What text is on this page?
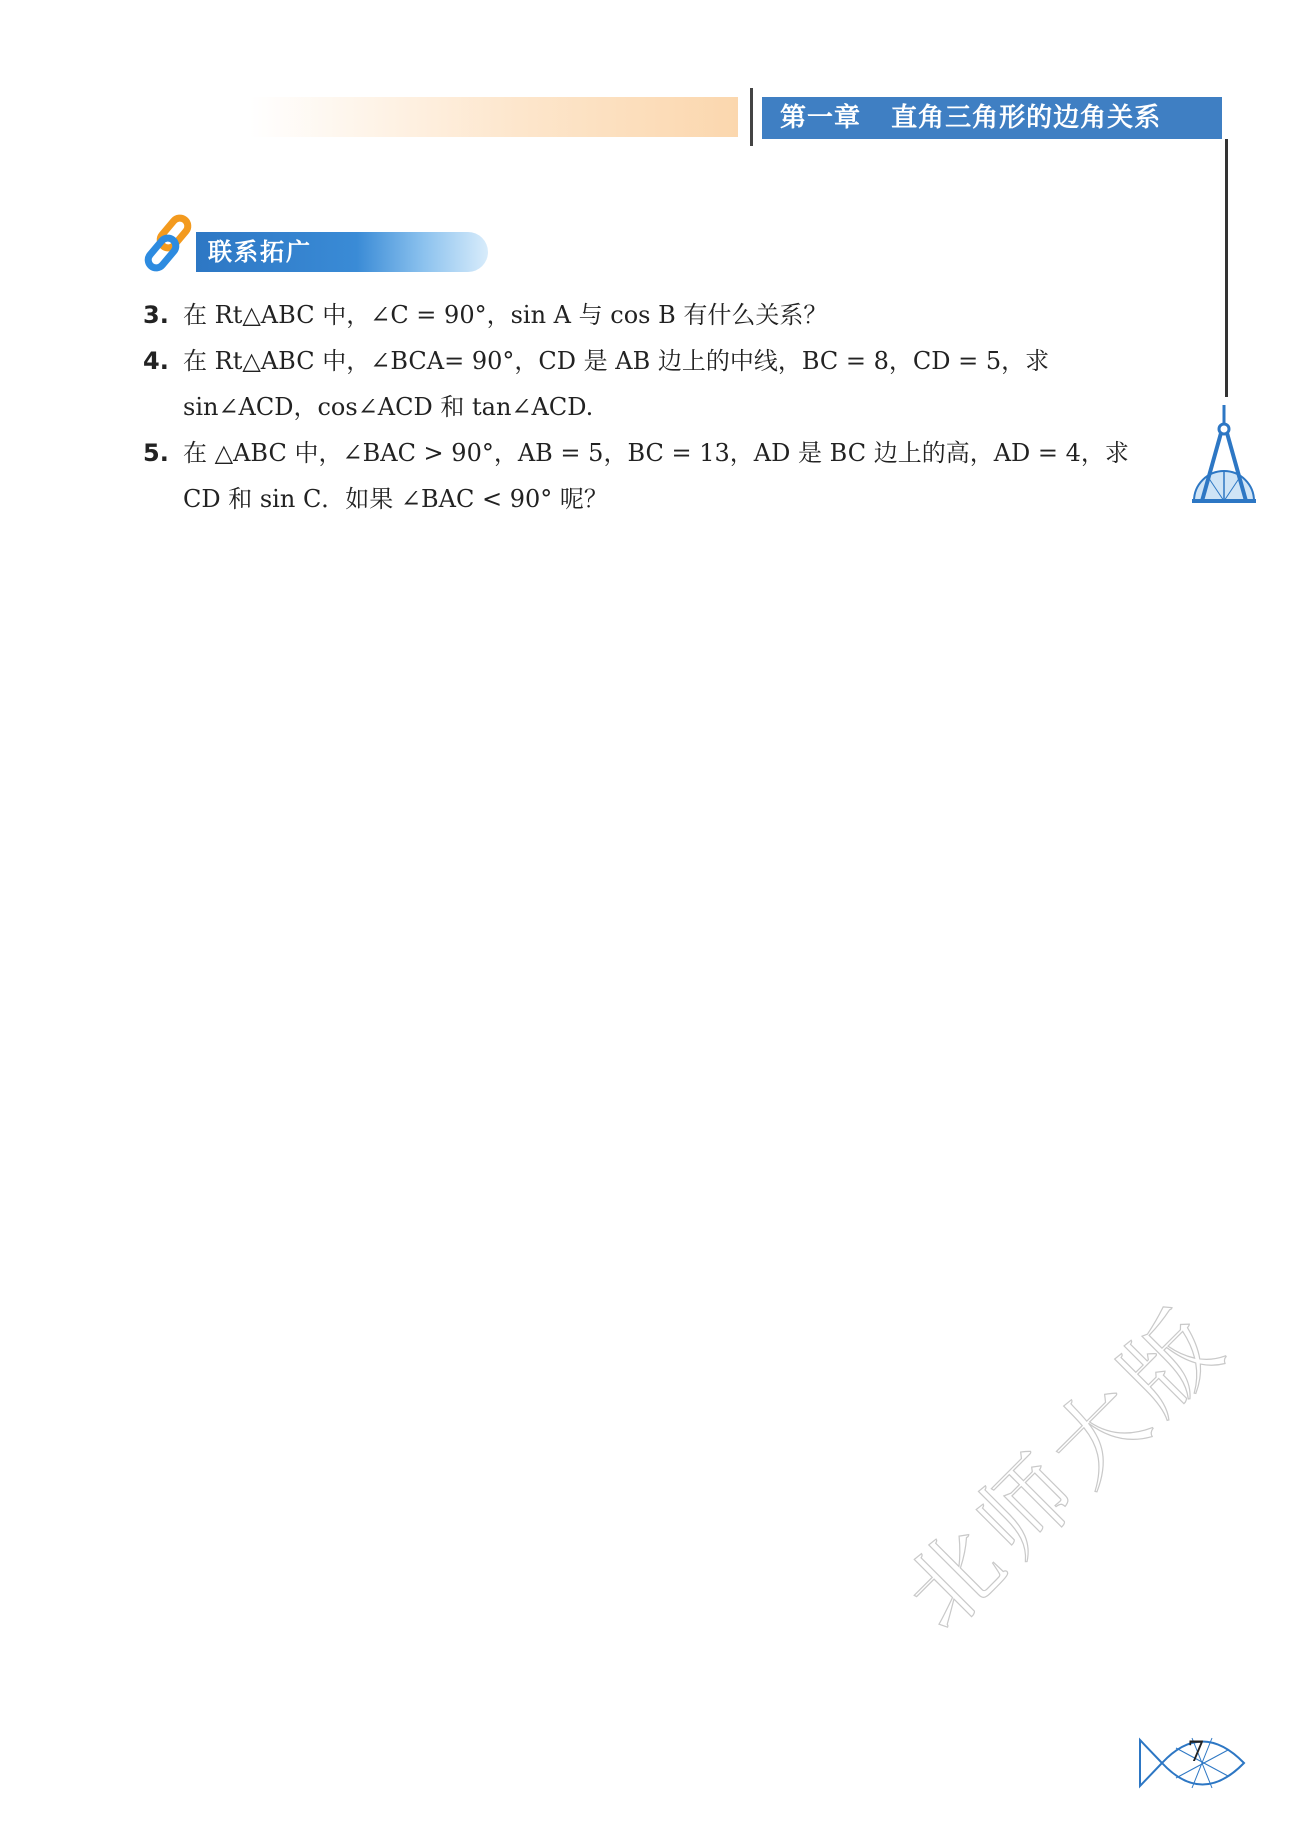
第一章   直角三角形的边角关系
联系拓广
3. 在 Rt△ABC 中，∠C = 90°，sin A 与 cos B 有什么关系？
4. 在 Rt△ABC 中，∠BCA= 90°，CD 是 AB 边上的中线，BC = 8，CD = 5，求 sin∠ACD，cos∠ACD 和 tan∠ACD.
5. 在 △ABC 中，∠BAC > 90°，AB = 5，BC = 13，AD 是 BC 边上的高，AD = 4，求 CD 和 sin C．如果 ∠BAC < 90° 呢？
北师大版
7
